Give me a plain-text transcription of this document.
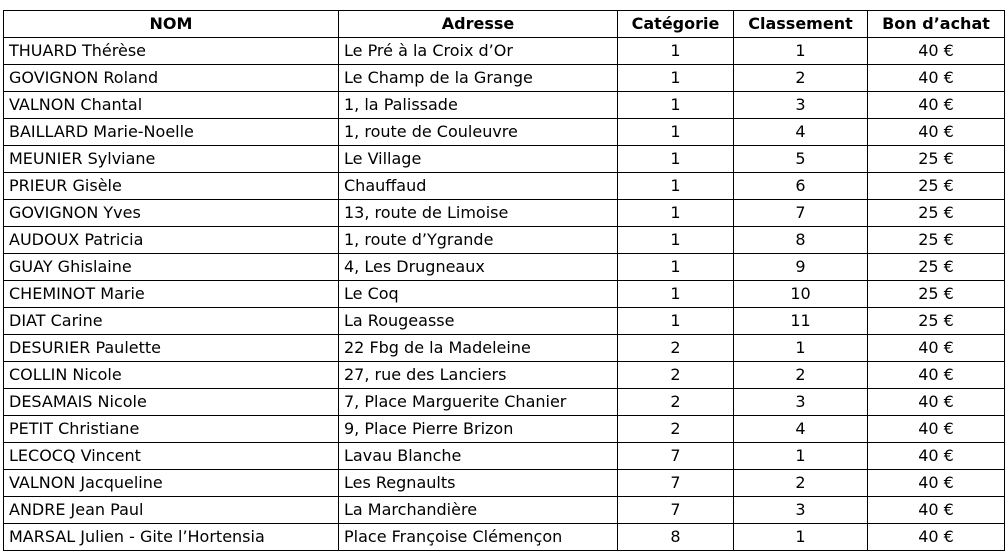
NOM	Adresse	Catégorie	Classement	Bon d’achat
THUARD Thérèse	Le Pré à la Croix d’Or	1	1	40 €
GOVIGNON Roland	Le Champ de la Grange	1	2	40 €
VALNON Chantal	1, la Palissade	1	3	40 €
BAILLARD Marie-Noelle	1, route de Couleuvre	1	4	40 €
MEUNIER Sylviane	Le Village	1	5	25 €
PRIEUR Gisèle	Chauffaud	1	6	25 €
GOVIGNON Yves	13, route de Limoise	1	7	25 €
AUDOUX Patricia	1, route d’Ygrande	1	8	25 €
GUAY Ghislaine	4, Les Drugneaux	1	9	25 €
CHEMINOT Marie	Le Coq	1	10	25 €
DIAT Carine	La Rougeasse	1	11	25 €
DESURIER Paulette	22 Fbg de la Madeleine	2	1	40 €
COLLIN Nicole	27, rue des Lanciers	2	2	40 €
DESAMAIS Nicole	7, Place Marguerite Chanier	2	3	40 €
PETIT Christiane	9, Place Pierre Brizon	2	4	40 €
LECOCQ Vincent	Lavau Blanche	7	1	40 €
VALNON Jacqueline	Les Regnaults	7	2	40 €
ANDRE Jean Paul	La Marchandière	7	3	40 €
MARSAL Julien - Gite l’Hortensia	Place Françoise Clémençon	8	1	40 €
